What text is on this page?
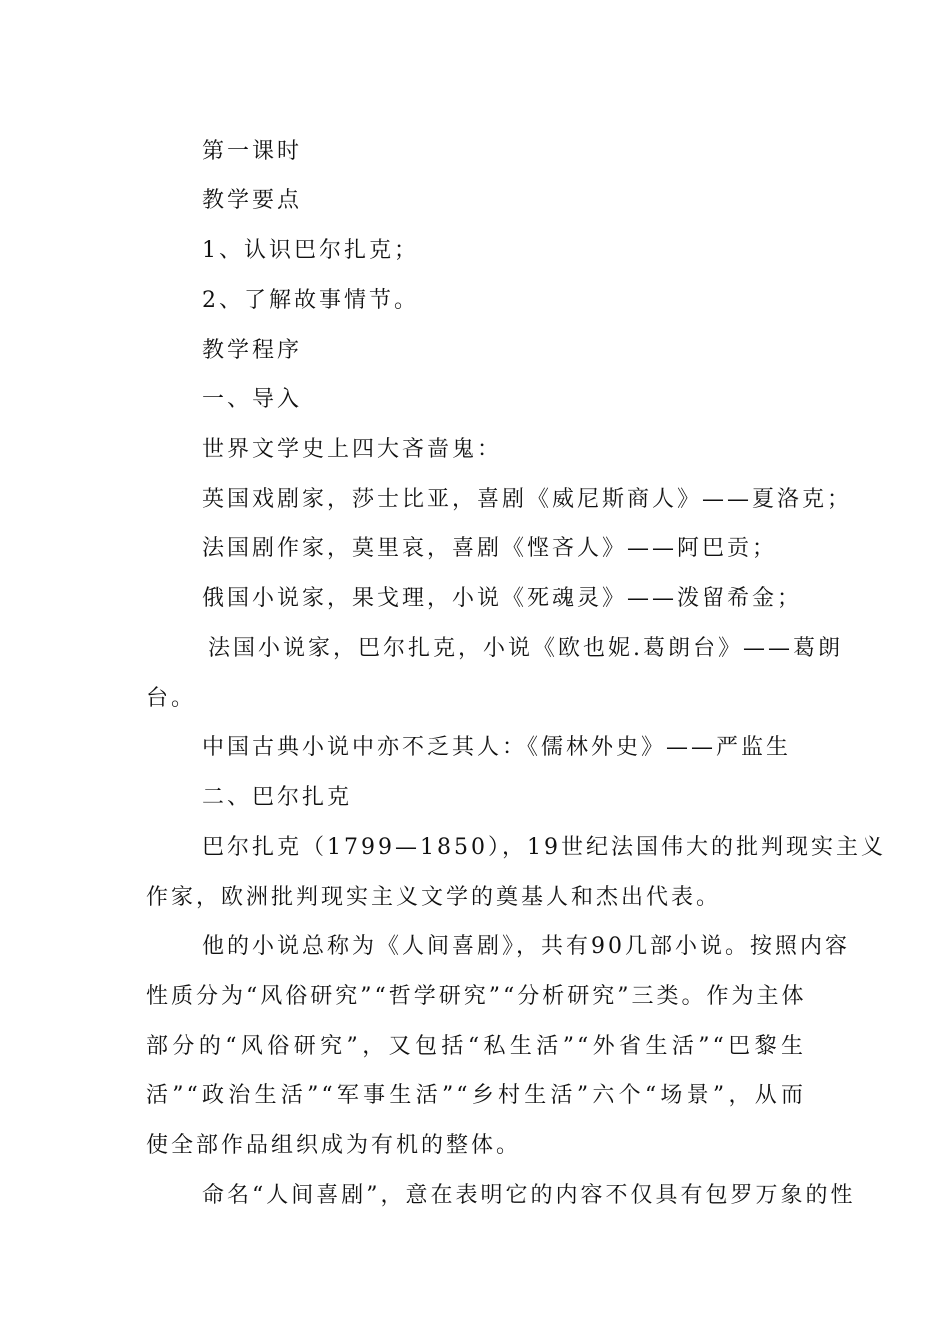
第一课时
教学要点
1、认识巴尔扎克；
2、了解故事情节。
教学程序
一、导入
世界文学史上四大吝啬鬼：
英国戏剧家，莎士比亚，喜剧《威尼斯商人》——夏洛克；
法国剧作家，莫里哀，喜剧《悭吝人》——阿巴贡；
俄国小说家，果戈理，小说《死魂灵》——泼留希金；
法国小说家，巴尔扎克，小说《欧也妮.葛朗台》——葛朗
台。
中国古典小说中亦不乏其人：《儒林外史》——严监生
二、巴尔扎克
巴尔扎克（1799—1850），19世纪法国伟大的批判现实主义
作家，欧洲批判现实主义文学的奠基人和杰出代表。
他的小说总称为《人间喜剧》，共有90几部小说。按照内容
性质分为“风俗研究”“哲学研究”“分析研究”三类。作为主体
部分的“风俗研究”，又包括“私生活”“外省生活”“巴黎生
活”“政治生活”“军事生活”“乡村生活”六个“场景”，从而
使全部作品组织成为有机的整体。
命名“人间喜剧”，意在表明它的内容不仅具有包罗万象的性
